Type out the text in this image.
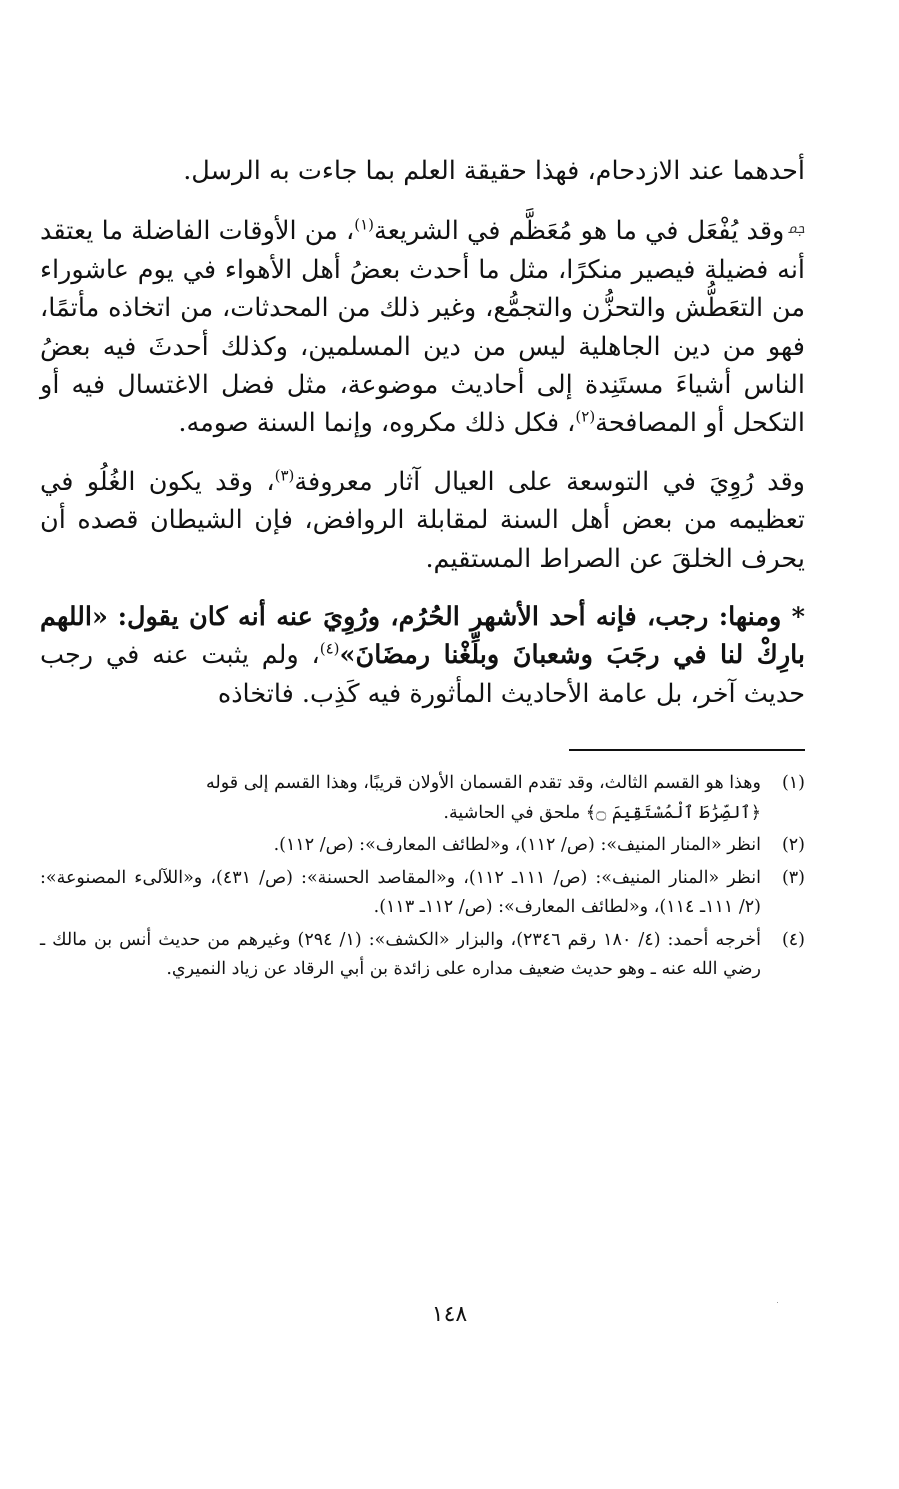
أحدهما عند الازدحام، فهذا حقيقة العلم بما جاءت به الرسل.

ﲨوقد يُفْعَل في ما هو مُعَظَّم في الشريعة$^{(١)}$، من الأوقات الفاضلة ما يعتقد أنه فضيلة فيصير منكرًا، مثل ما أحدث بعضُ أهل الأهواء في يوم عاشوراء من التعَطُّش والتحزُّن والتجمُّع، وغير ذلك من المحدثات، من اتخاذه مأتمًا، فهو من دين الجاهلية ليس من دين المسلمين، وكذلك أحدثَ فيه بعضُ الناس أشياءَ مستَنِدة إلى أحاديث موضوعة، مثل فضل الاغتسال فيه أو التكحل أو المصافحة$^{(٢)}$، فكل ذلك مكروه، وإنما السنة صومه.

وقد رُوِيَ في التوسعة على العيال آثار معروفة$^{(٣)}$، وقد يكون الغُلُو في تعظيمه من بعض أهل السنة لمقابلة الروافض، فإن الشيطان قصده أن يحرف الخلقَ عن الصراط المستقيم.

* ومنها: رجب، فإنه أحد الأشهر الحُرُم، ورُوِيَ عنه أنه كان يقول: «اللهم بارِكْ لنا في رجَبَ وشعبانَ وبلِّغْنا رمضَانَ»$^{(٤)}$، ولم يثبت عنه في رجب حديث آخر، بل عامة الأحاديث المأثورة فيه كَذِب. فاتخاذه

(١)
وهذا هو القسم الثالث، وقد تقدم القسمان الأولان قريبًا، وهذا القسم إلى قوله
﴿ٱلصِّرَٰطَ ٱلْمُسْتَقِيمَ ۝﴾ ملحق في الحاشية.
(٢)
انظر «المنار المنيف»: (ص/ ١١٢)، و«لطائف المعارف»: (ص/ ١١٢).
(٣)
انظر «المنار المنيف»: (ص/ ١١١ـ ١١٢)، و«المقاصد الحسنة»: (ص/ ٤٣١)، و«اللآلىء المصنوعة»: (٢/ ١١١ـ ١١٤)، و«لطائف المعارف»: (ص/ ١١٢ـ ١١٣).
(٤)
أخرجه أحمد: (٤/ ١٨٠ رقم ٢٣٤٦)، والبزار «الكشف»: (١/ ٢٩٤) وغيرهم من حديث أنس بن مالك ـ رضي الله عنه ـ وهو حديث ضعيف مداره على زائدة بن أبي الرقاد عن زياد النميري.
١٤٨
